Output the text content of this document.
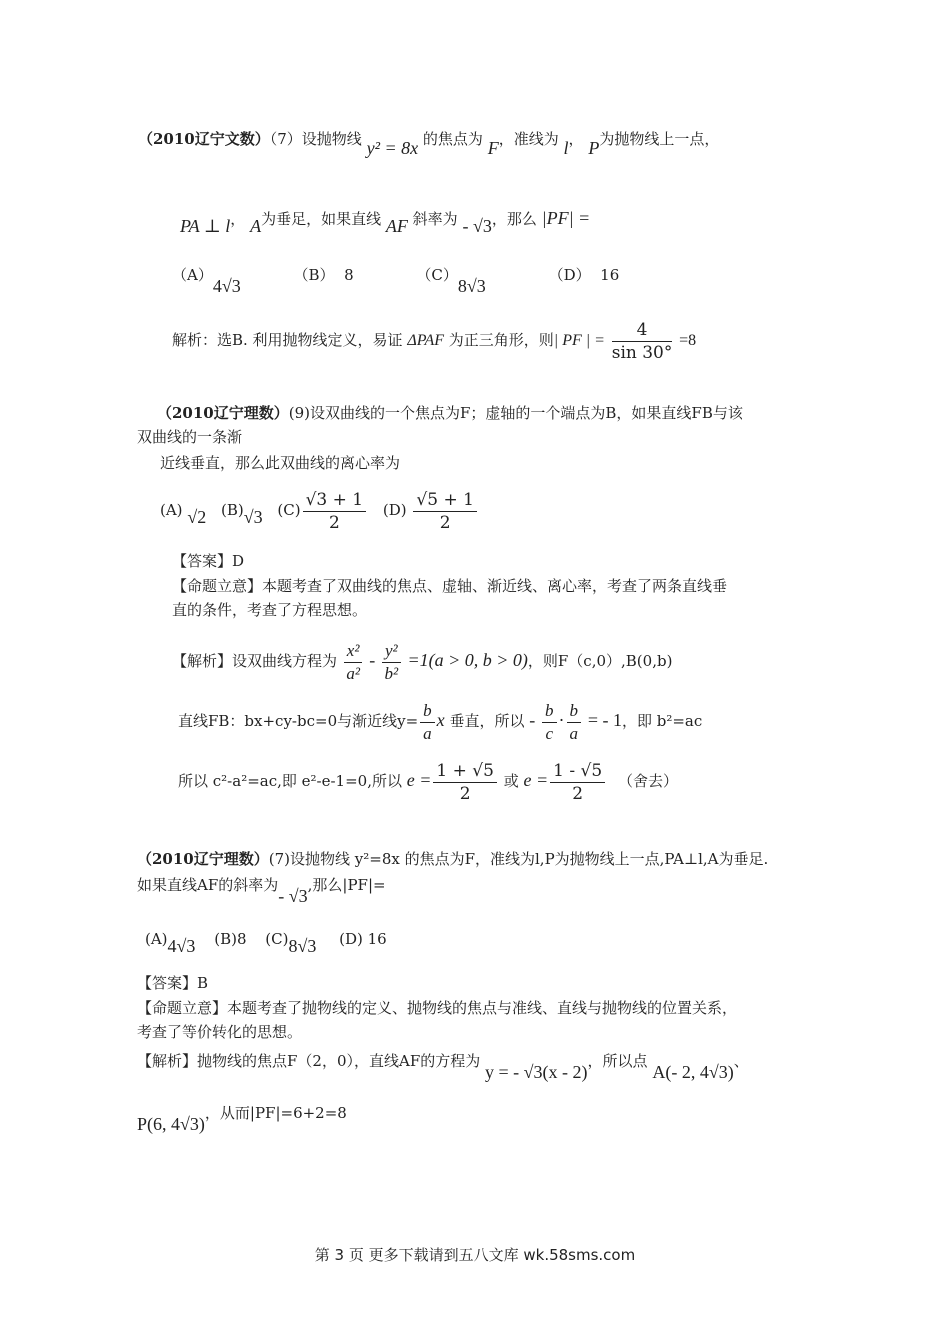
（2010辽宁文数）（7）设抛物线 y² = 8x 的焦点为 F，准线为 l， P为抛物线上一点，
PA ⊥ l， A为垂足，如果直线 AF 斜率为 - √3，那么 |PF| =
（A）4√3 （B） 8	（C）8√3 （D） 16
解析：选B. 利用抛物线定义，易证 ΔPAF 为正三角形，则| PF | = $\frac{4}{\sin 30^\circ} =8$
（2010辽宁理数）(9)设双曲线的一个焦点为F；虚轴的一个端点为B，如果直线FB与该
双曲线的一条渐
近线垂直，那么此双曲线的离心率为
(A) √2 (B)√3 $(C) \frac{√3 + 1}{2} (D) \frac{√5 + 1}{2}$
【答案】D
【命题立意】本题考查了双曲线的焦点、虚轴、渐近线、离心率，考查了两条直线垂
直的条件，考查了方程思想。
【解析】设双曲线方程为 $\frac{\text{x²}}{\text{a²}} - \frac{\text{y²}}{\text{b²}} =1(a > 0$, b > 0)，则F（c,0）,B(0,b)
直线FB：bx+cy-bc=0与渐近线$y= \frac{b}{a}$ x 垂直，所以 - $\frac{b}{c} \cdot \frac{b}{a}$ = - 1，即 b²=ac
所以 c²-a²=ac,即 e²-e-1=0,所以 $e = \frac{1 + √5}{2}$ 或 $e = \frac{1 - √5}{2}$ （舍去）
（2010辽宁理数）(7)设抛物线 y²=8x 的焦点为F，准线为l,P为抛物线上一点,PA⊥l,A为垂足.
如果直线AF的斜率为- √3,那么|PF|=
(A)4√3 (B)8 (C)8√3 (D) 16
【答案】B
【命题立意】本题考查了抛物线的定义、抛物线的焦点与准线、直线与抛物线的位置关系，
考查了等价转化的思想。
【解析】抛物线的焦点F（2，0），直线AF的方程为 y = - √3(x - 2)，所以点 A(- 2, 4√3)、
P(6, 4√3)，从而|PF|=6+2=8
第 3 页 更多下载请到五八文库 wk.58sms.com
